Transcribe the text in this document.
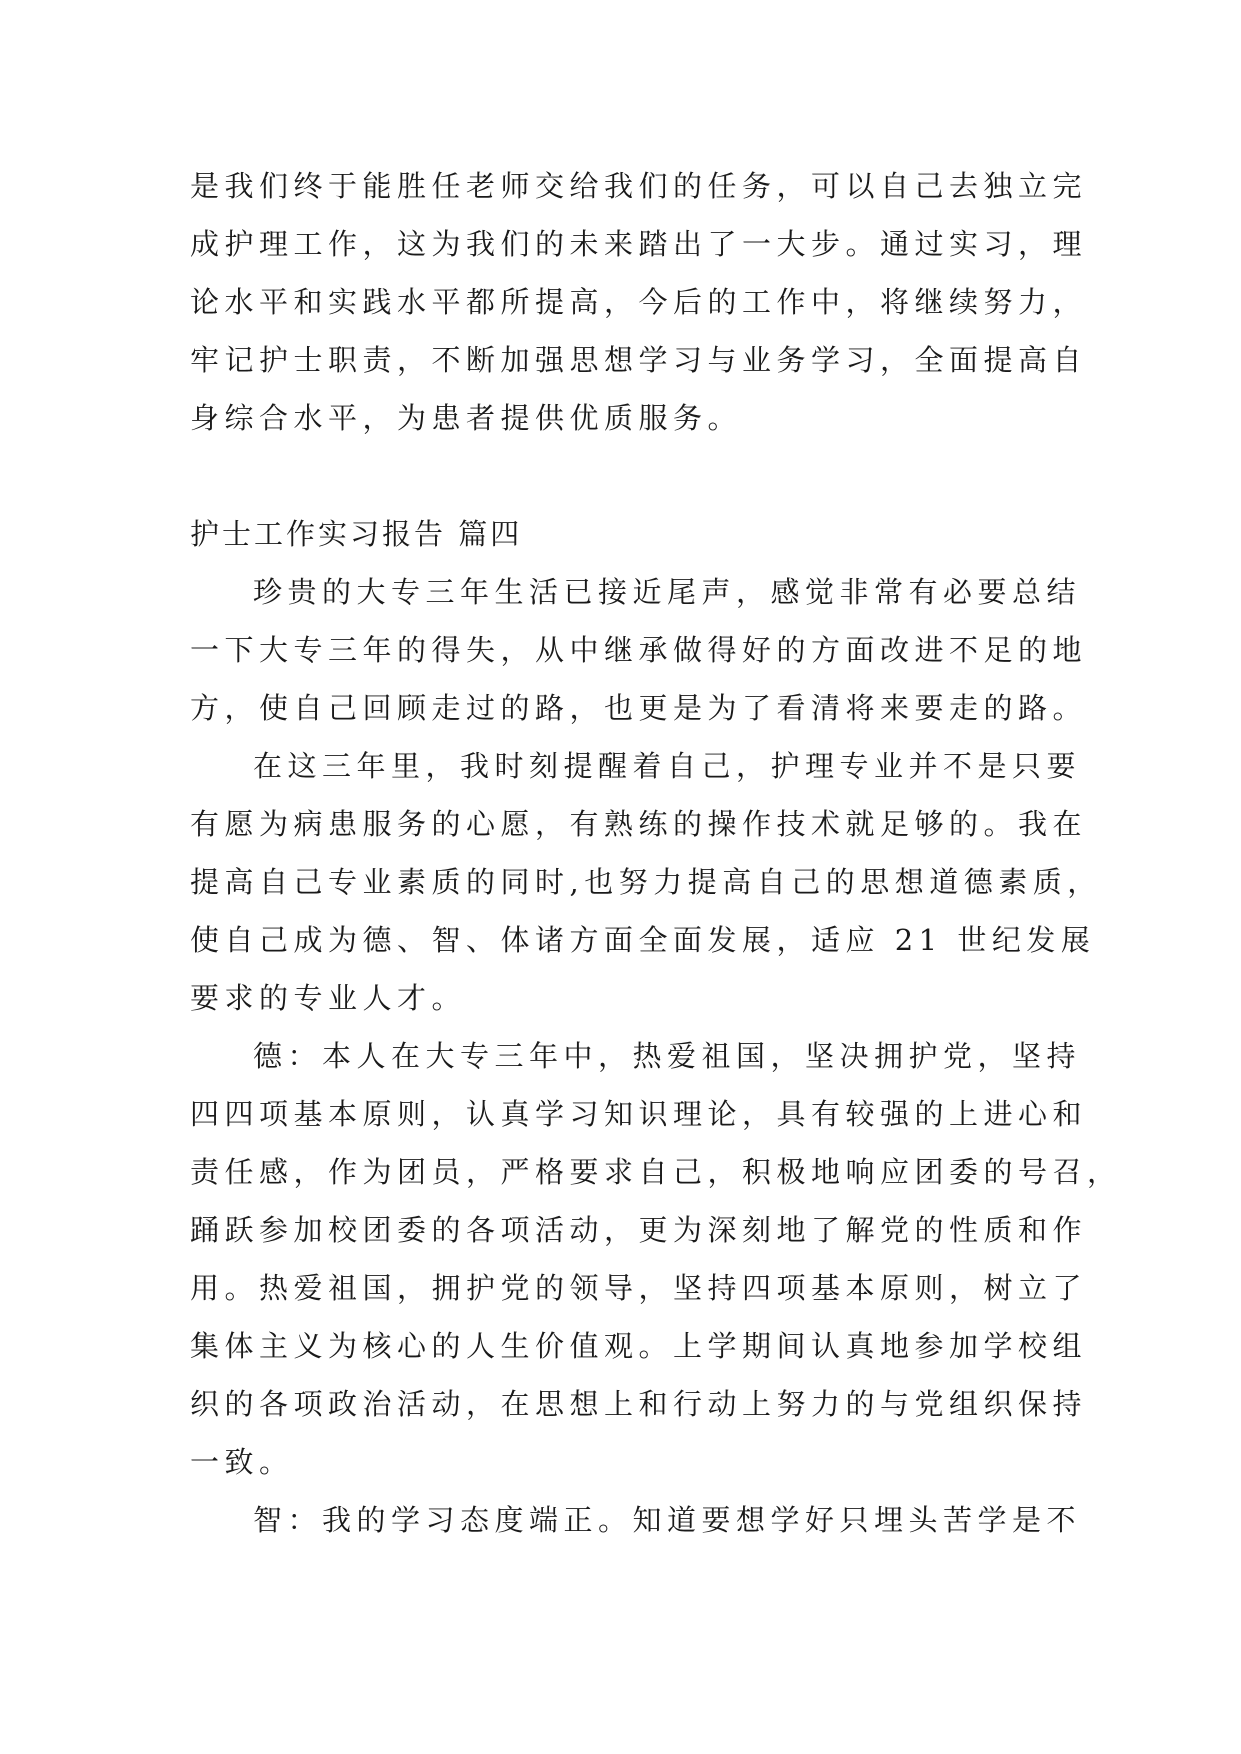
是我们终于能胜任老师交给我们的任务，可以自己去独立完
成护理工作，这为我们的未来踏出了一大步。通过实习，理
论水平和实践水平都所提高，今后的工作中，将继续努力，
牢记护士职责，不断加强思想学习与业务学习，全面提高自
身综合水平，为患者提供优质服务。
护士工作实习报告 篇四
珍贵的大专三年生活已接近尾声，感觉非常有必要总结
一下大专三年的得失，从中继承做得好的方面改进不足的地
方，使自己回顾走过的路，也更是为了看清将来要走的路。
在这三年里，我时刻提醒着自己，护理专业并不是只要
有愿为病患服务的心愿，有熟练的操作技术就足够的。我在
提高自己专业素质的同时,也努力提高自己的思想道德素质，
使自己成为德、智、体诸方面全面发展，适应 21 世纪发展
要求的专业人才。
德：本人在大专三年中，热爱祖国，坚决拥护党，坚持
四四项基本原则，认真学习知识理论，具有较强的上进心和
责任感，作为团员，严格要求自己，积极地响应团委的号召，
踊跃参加校团委的各项活动，更为深刻地了解党的性质和作
用。热爱祖国，拥护党的领导，坚持四项基本原则，树立了
集体主义为核心的人生价值观。上学期间认真地参加学校组
织的各项政治活动，在思想上和行动上努力的与党组织保持
一致。
智：我的学习态度端正。知道要想学好只埋头苦学是不
